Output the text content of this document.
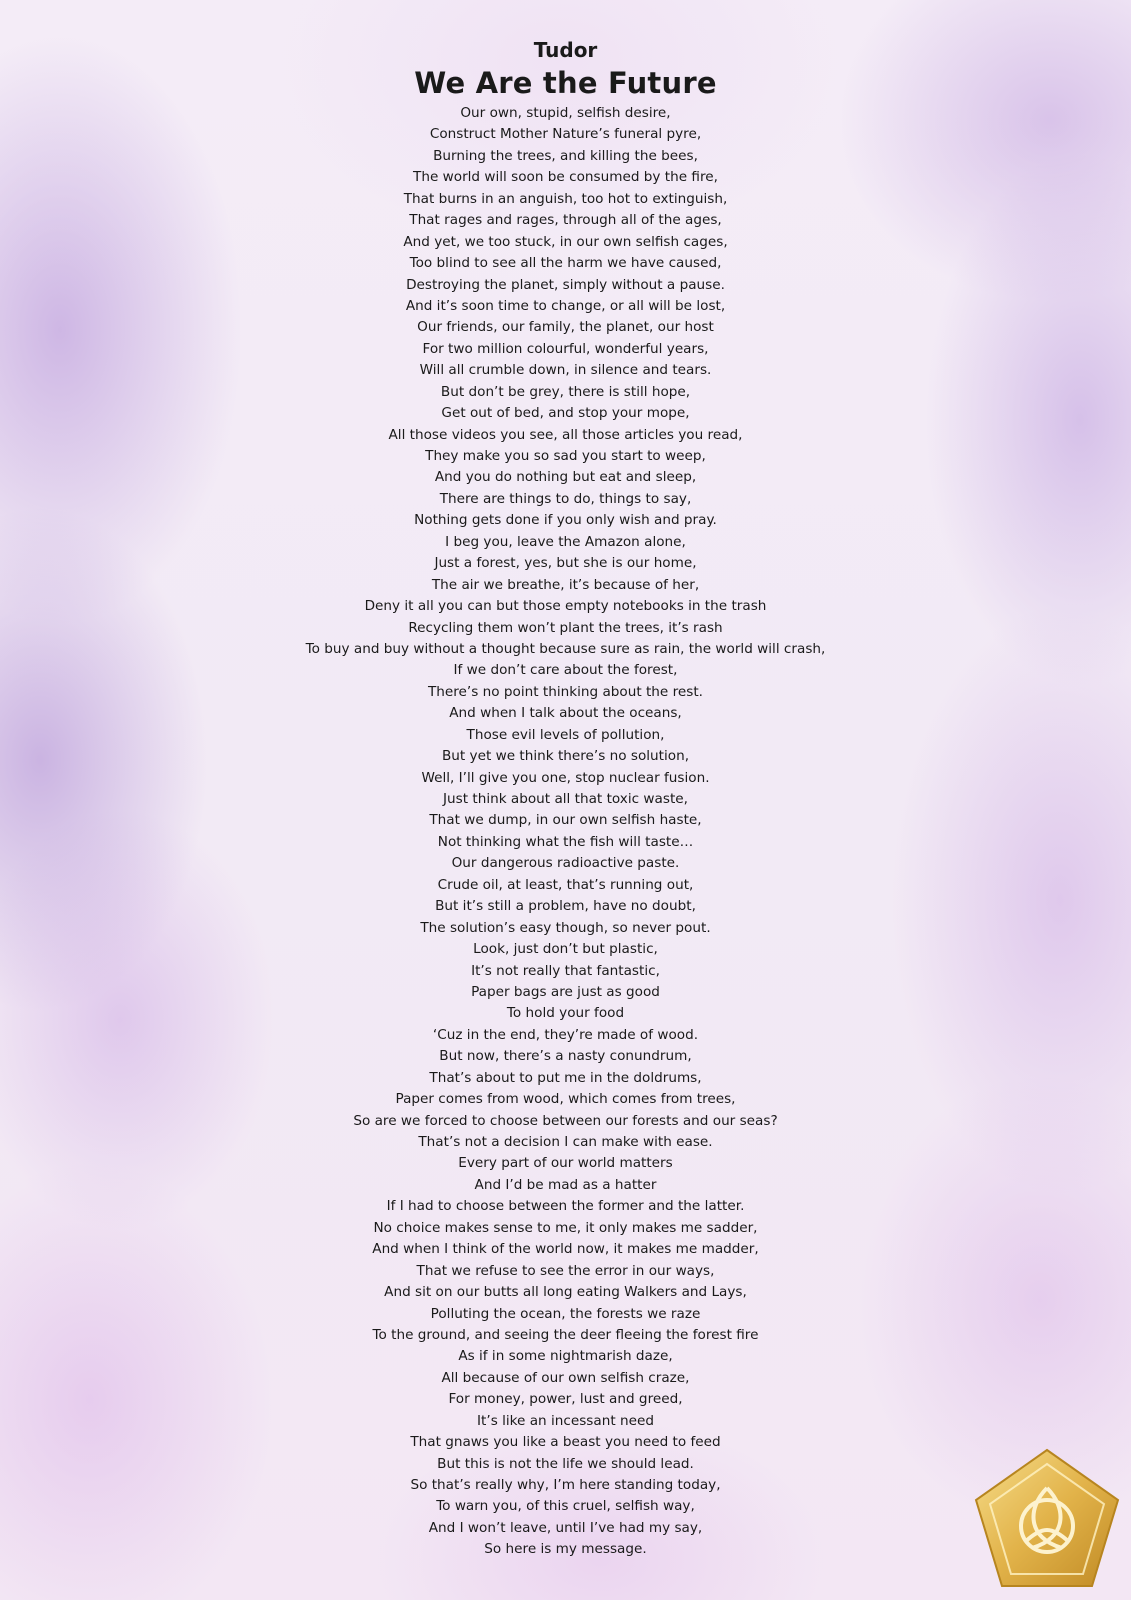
Tudor
We Are the Future
Our own, stupid, selfish desire,
Construct Mother Nature’s funeral pyre,
Burning the trees, and killing the bees,
The world will soon be consumed by the fire,
That burns in an anguish, too hot to extinguish,
That rages and rages, through all of the ages,
And yet, we too stuck, in our own selfish cages,
Too blind to see all the harm we have caused,
Destroying the planet, simply without a pause.
And it’s soon time to change, or all will be lost,
Our friends, our family, the planet, our host
For two million colourful, wonderful years,
Will all crumble down, in silence and tears.
But don’t be grey, there is still hope,
Get out of bed, and stop your mope,
All those videos you see, all those articles you read,
They make you so sad you start to weep,
And you do nothing but eat and sleep,
There are things to do, things to say,
Nothing gets done if you only wish and pray.
I beg you, leave the Amazon alone,
Just a forest, yes, but she is our home,
The air we breathe, it’s because of her,
Deny it all you can but those empty notebooks in the trash
Recycling them won’t plant the trees, it’s rash
To buy and buy without a thought because sure as rain, the world will crash,
If we don’t care about the forest,
There’s no point thinking about the rest.
And when I talk about the oceans,
Those evil levels of pollution,
But yet we think there’s no solution,
Well, I’ll give you one, stop nuclear fusion.
Just think about all that toxic waste,
That we dump, in our own selfish haste,
Not thinking what the fish will taste…
Our dangerous radioactive paste.
Crude oil, at least, that’s running out,
But it’s still a problem, have no doubt,
The solution’s easy though, so never pout.
Look, just don’t but plastic,
It’s not really that fantastic,
Paper bags are just as good
To hold your food
‘Cuz in the end, they’re made of wood.
But now, there’s a nasty conundrum,
That’s about to put me in the doldrums,
Paper comes from wood, which comes from trees,
So are we forced to choose between our forests and our seas?
That’s not a decision I can make with ease.
Every part of our world matters
And I’d be mad as a hatter
If I had to choose between the former and the latter.
No choice makes sense to me, it only makes me sadder,
And when I think of the world now, it makes me madder,
That we refuse to see the error in our ways,
And sit on our butts all long eating Walkers and Lays,
Polluting the ocean, the forests we raze
To the ground, and seeing the deer fleeing the forest fire
As if in some nightmarish daze,
All because of our own selfish craze,
For money, power, lust and greed,
It’s like an incessant need
That gnaws you like a beast you need to feed
But this is not the life we should lead.
So that’s really why, I’m here standing today,
To warn you, of this cruel, selfish way,
And I won’t leave, until I’ve had my say,
So here is my message.
